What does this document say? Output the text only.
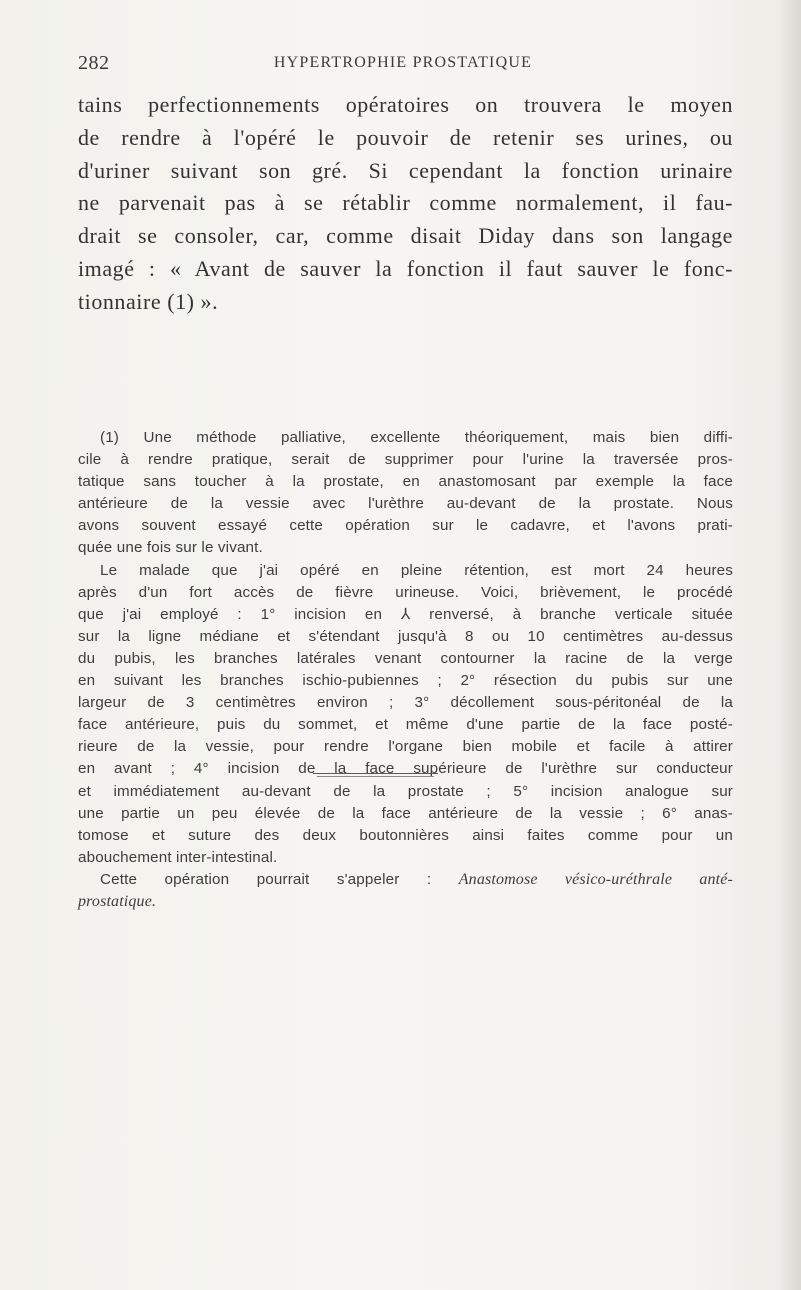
282	HYPERTROPHIE PROSTATIQUE
tains perfectionnements opératoires on trouvera le moyen
de rendre à l'opéré le pouvoir de retenir ses urines, ou
d'uriner suivant son gré. Si cependant la fonction urinaire
ne parvenait pas à se rétablir comme normalement, il fau-
drait se consoler, car, comme disait Diday dans son langage
imagé : « Avant de sauver la fonction il faut sauver le fonc-
tionnaire (1) ».
(1) Une méthode palliative, excellente théoriquement, mais bien diffi-
cile à rendre pratique, serait de supprimer pour l'urine la traversée pros-
tatique sans toucher à la prostate, en anastomosant par exemple la face
antérieure de la vessie avec l'urèthre au-devant de la prostate. Nous
avons souvent essayé cette opération sur le cadavre, et l'avons prati-
quée une fois sur le vivant.
Le malade que j'ai opéré en pleine rétention, est mort 24 heures
après d'un fort accès de fièvre urineuse. Voici, brièvement, le procédé
que j'ai employé : 1° incision en ⅄ renversé, à branche verticale située
sur la ligne médiane et s'étendant jusqu'à 8 ou 10 centimètres au-dessus
du pubis, les branches latérales venant contourner la racine de la verge
en suivant les branches ischio-pubiennes ; 2° résection du pubis sur une
largeur de 3 centimètres environ ; 3° décollement sous-péritonéal de la
face antérieure, puis du sommet, et même d'une partie de la face posté-
rieure de la vessie, pour rendre l'organe bien mobile et facile à attirer
en avant ; 4° incision de la face supérieure de l'urèthre sur conducteur
et immédiatement au-devant de la prostate ; 5° incision analogue sur
une partie un peu élevée de la face antérieure de la vessie ; 6° anas-
tomose et suture des deux boutonnières ainsi faites comme pour un
abouchement inter-intestinal.
Cette opération pourrait s'appeler : Anastomose vésico-uréthrale anté-
prostatique.
